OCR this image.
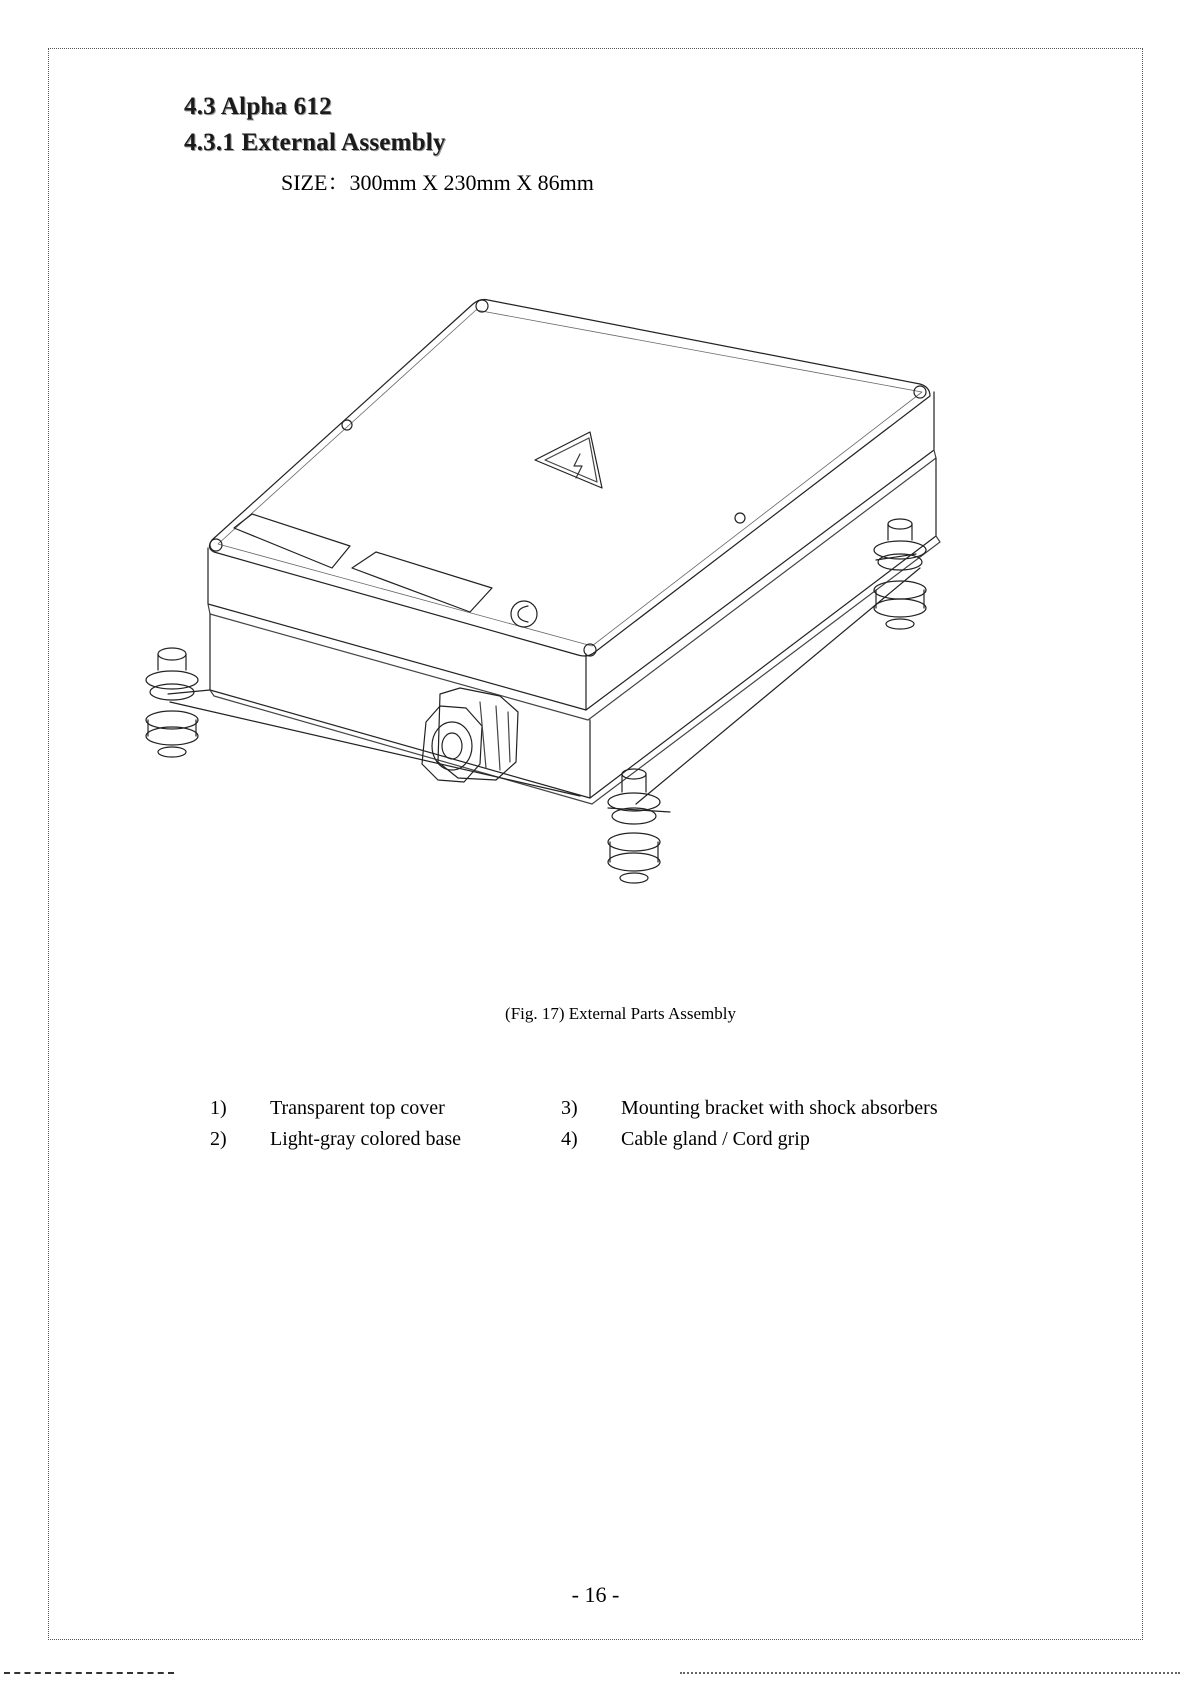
4.3 Alpha 612
4.3.1 External Assembly
SIZE：300mm X 230mm X 86mm
(Fig. 17) External Parts Assembly
1) Transparent top cover
2) Light-gray colored base
3) Mounting bracket with shock absorbers
4) Cable gland / Cord grip
- 16 -
